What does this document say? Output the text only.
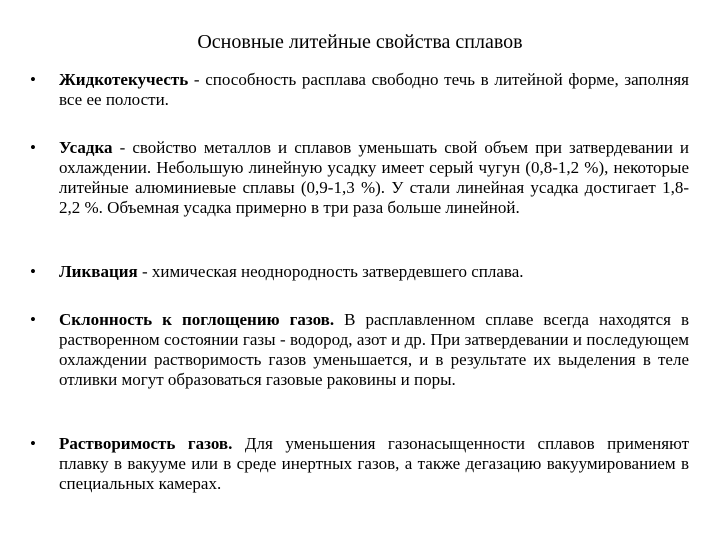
Основные литейные свойства сплавов
• Жидкотекучесть - способность расплава свободно течь в литейной форме, заполняя все ее полости.
• Усадка - свойство металлов и сплавов уменьшать свой объем при затвердевании и охлаждении. Небольшую линейную усадку имеет серый чугун (0,8-1,2 %), некоторые литейные алюминиевые сплавы (0,9-1,3 %). У стали линейная усадка достигает 1,8-2,2 %. Объемная усадка примерно в три раза больше линейной.
• Ликвация - химическая неоднородность затвердевшего сплава.
• Склонность к поглощению газов. В расплавленном сплаве всегда находятся в растворенном состоянии газы - водород, азот и др. При затвердевании и последующем охлаждении растворимость газов уменьшается, и в результате их выделения в теле отливки могут образоваться газовые раковины и поры.
• Растворимость газов. Для уменьшения газонасыщенности сплавов применяют плавку в вакууме или в среде инертных газов, а также дегазацию вакуумированием в специальных камерах.
